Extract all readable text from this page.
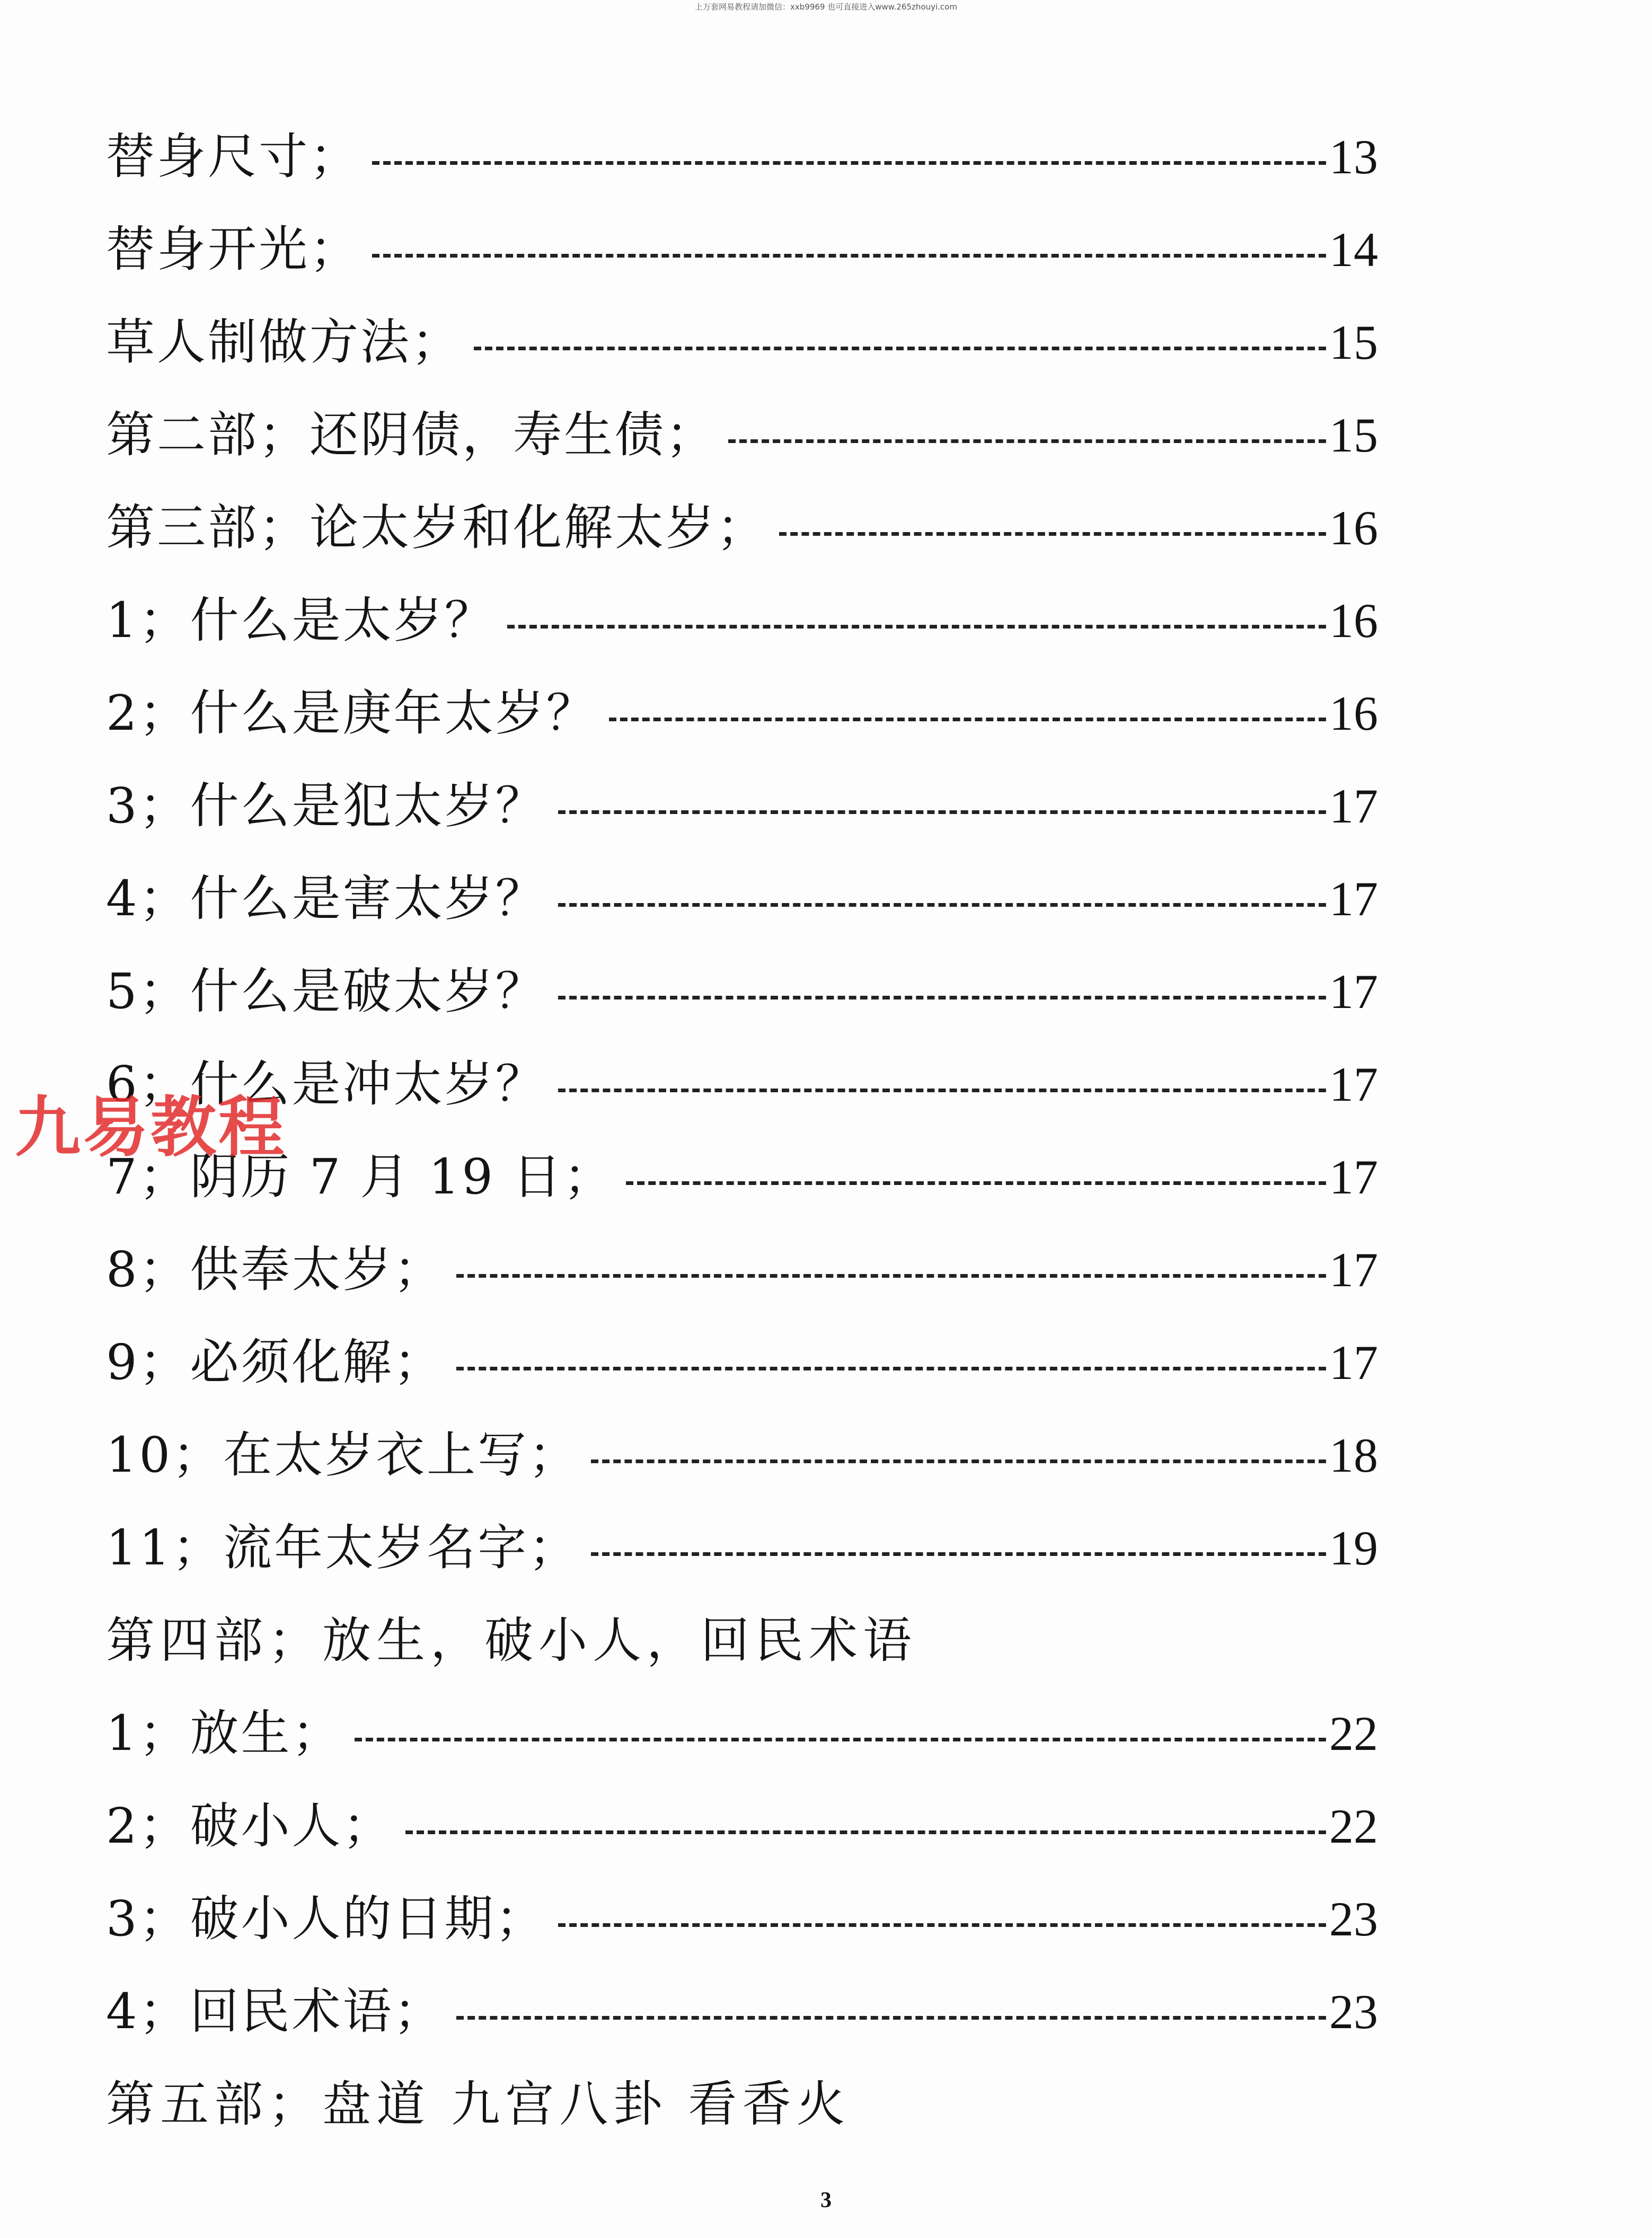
上万套网易教程请加微信：xxb9969 也可直接进入www.265zhouyi.com
替身尺寸；	13
替身开光；	14
草人制做方法；	15
第二部；还阴债，寿生债；	15
第三部；论太岁和化解太岁；	16
1；什么是太岁？	16
2；什么是庚年太岁？	16
3；什么是犯太岁？	17
4；什么是害太岁？	17
5；什么是破太岁？	17
6；什么是冲太岁？	17
7；阴历 7 月 19 日；	17
8；供奉太岁；	17
9；必须化解；	17
10；在太岁衣上写；	18
11；流年太岁名字；	19
第四部；放生，破小人，回民术语
1；放生；	22
2；破小人；	22
3；破小人的日期；	23
4；回民术语；	23
第五部；盘道 九宫八卦 看香火
九易教程
3
